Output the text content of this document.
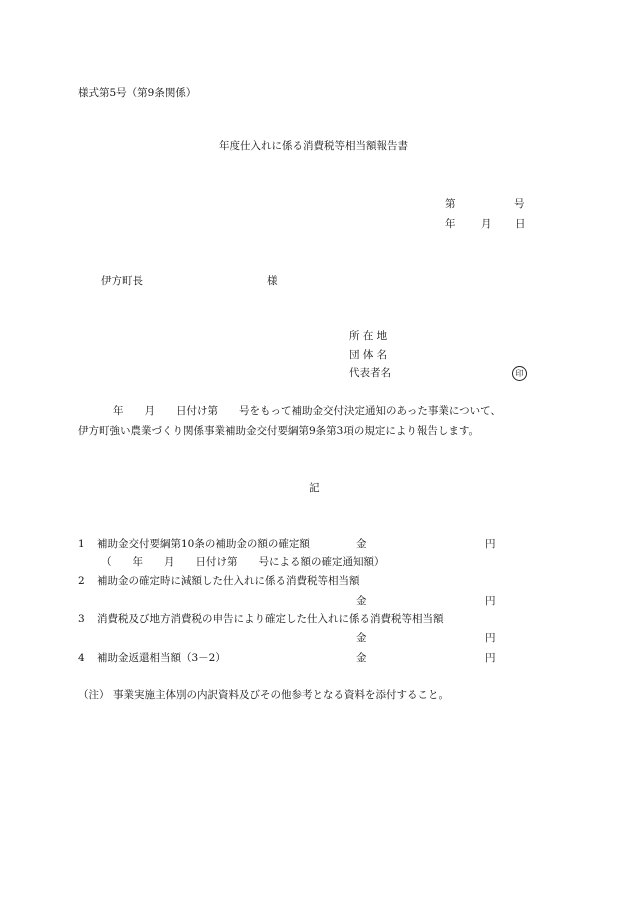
様式第5号（第9条関係）
年度仕入れに係る消費税等相当額報告書
第	号
年 月 日
伊方町長	様
所 在 地
団 体 名
代表者名	印
年　　月　　日付け第　　号をもって補助金交付決定通知のあった事業について、
伊方町強い農業づくり関係事業補助金交付要綱第9条第3項の規定により報告します。
記
1 補助金交付要綱第10条の補助金の額の確定額	金	円
（　　年　　月　　日付け第　　号による額の確定通知額）
2 補助金の確定時に減額した仕入れに係る消費税等相当額
金	円
3 消費税及び地方消費税の申告により確定した仕入れに係る消費税等相当額
金	円
4 補助金返還相当額（3－2）	金	円
（注） 事業実施主体別の内訳資料及びその他参考となる資料を添付すること。
